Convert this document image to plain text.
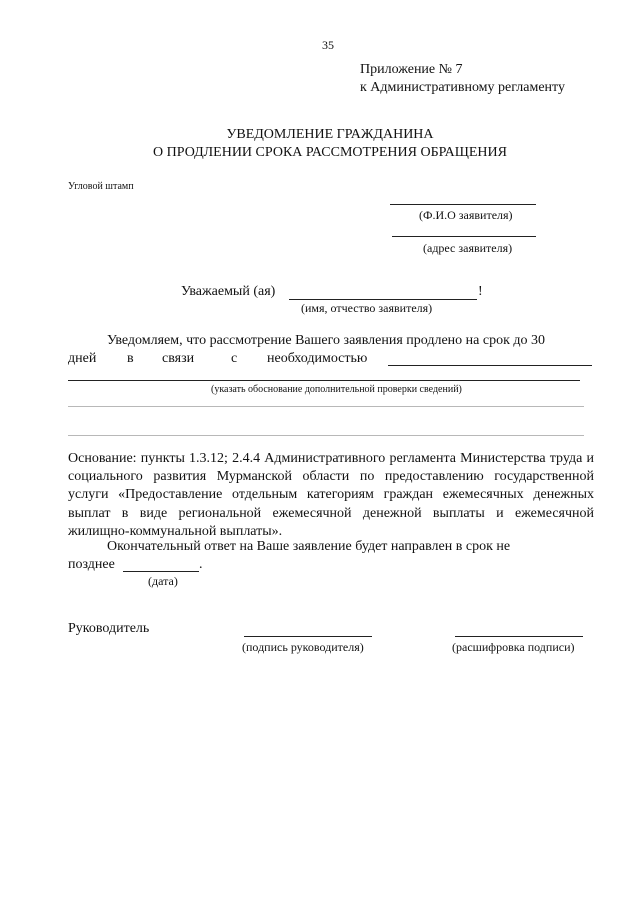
35
Приложение № 7
к Административному регламенту
УВЕДОМЛЕНИЕ ГРАЖДАНИНА
О ПРОДЛЕНИИ СРОКА РАССМОТРЕНИЯ ОБРАЩЕНИЯ
Угловой штамп
(Ф.И.О заявителя)
(адрес заявителя)
Уважаемый (ая)	!
(имя, отчество заявителя)
Уведомляем, что рассмотрение Вашего заявления продлено на срок до 30
дней в связи	с необходимостью
(указать обоснование дополнительной проверки сведений)
Основание: пункты 1.3.12; 2.4.4 Административного регламента Министерства труда и социального развития Мурманской области по предоставлению государственной услуги «Предоставление отдельным категориям граждан ежемесячных денежных выплат в виде региональной ежемесячной денежной выплаты и ежемесячной жилищно-коммунальной выплаты».
Окончательный ответ на Ваше заявление будет направлен в срок не
позднее	.
(дата)
Руководитель
(подпись руководителя)	(расшифровка подписи)
